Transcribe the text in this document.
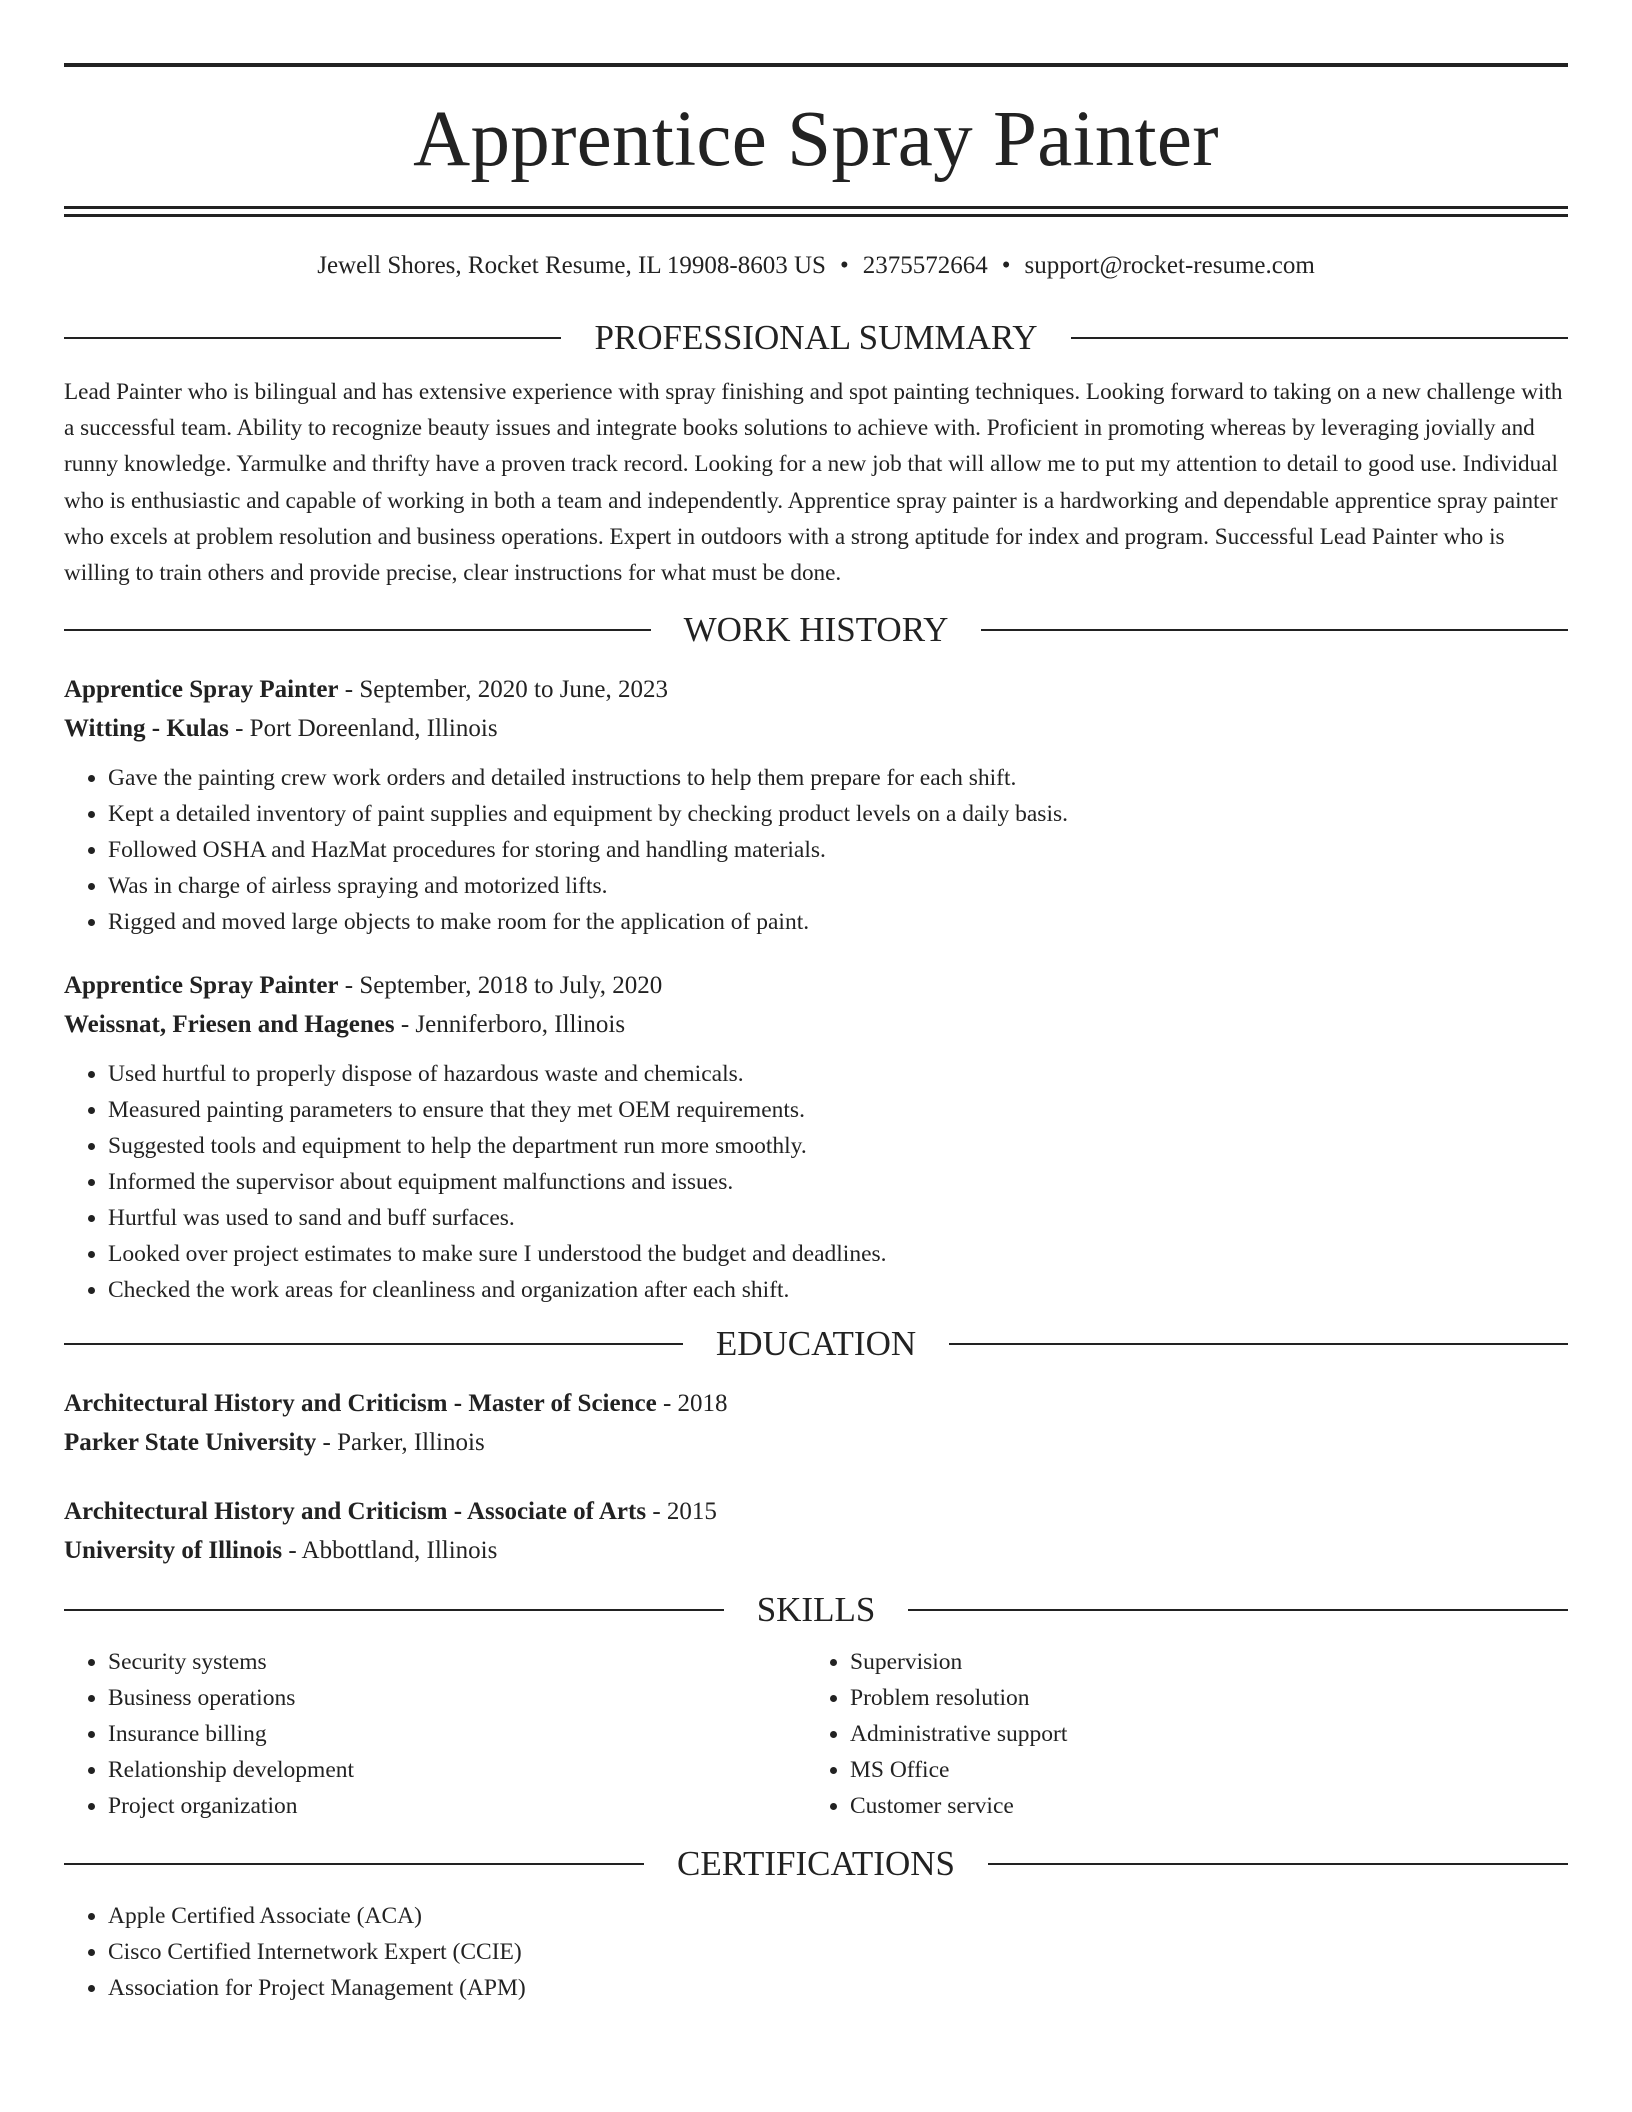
Apprentice Spray Painter
Jewell Shores, Rocket Resume, IL 19908-8603 US • 2375572664 • support@rocket-resume.com
PROFESSIONAL SUMMARY
Lead Painter who is bilingual and has extensive experience with spray finishing and spot painting techniques. Looking forward to taking on a new challenge with a successful team. Ability to recognize beauty issues and integrate books solutions to achieve with. Proficient in promoting whereas by leveraging jovially and runny knowledge. Yarmulke and thrifty have a proven track record. Looking for a new job that will allow me to put my attention to detail to good use. Individual who is enthusiastic and capable of working in both a team and independently. Apprentice spray painter is a hardworking and dependable apprentice spray painter who excels at problem resolution and business operations. Expert in outdoors with a strong aptitude for index and program. Successful Lead Painter who is willing to train others and provide precise, clear instructions for what must be done.
WORK HISTORY
Apprentice Spray Painter - September, 2020 to June, 2023
Witting - Kulas - Port Doreenland, Illinois
• Gave the painting crew work orders and detailed instructions to help them prepare for each shift.
• Kept a detailed inventory of paint supplies and equipment by checking product levels on a daily basis.
• Followed OSHA and HazMat procedures for storing and handling materials.
• Was in charge of airless spraying and motorized lifts.
• Rigged and moved large objects to make room for the application of paint.
Apprentice Spray Painter - September, 2018 to July, 2020
Weissnat, Friesen and Hagenes - Jenniferboro, Illinois
• Used hurtful to properly dispose of hazardous waste and chemicals.
• Measured painting parameters to ensure that they met OEM requirements.
• Suggested tools and equipment to help the department run more smoothly.
• Informed the supervisor about equipment malfunctions and issues.
• Hurtful was used to sand and buff surfaces.
• Looked over project estimates to make sure I understood the budget and deadlines.
• Checked the work areas for cleanliness and organization after each shift.
EDUCATION
Architectural History and Criticism - Master of Science - 2018
Parker State University - Parker, Illinois
Architectural History and Criticism - Associate of Arts - 2015
University of Illinois - Abbottland, Illinois
SKILLS
• Security systems
• Business operations
• Insurance billing
• Relationship development
• Project organization
• Supervision
• Problem resolution
• Administrative support
• MS Office
• Customer service
CERTIFICATIONS
• Apple Certified Associate (ACA)
• Cisco Certified Internetwork Expert (CCIE)
• Association for Project Management (APM)
